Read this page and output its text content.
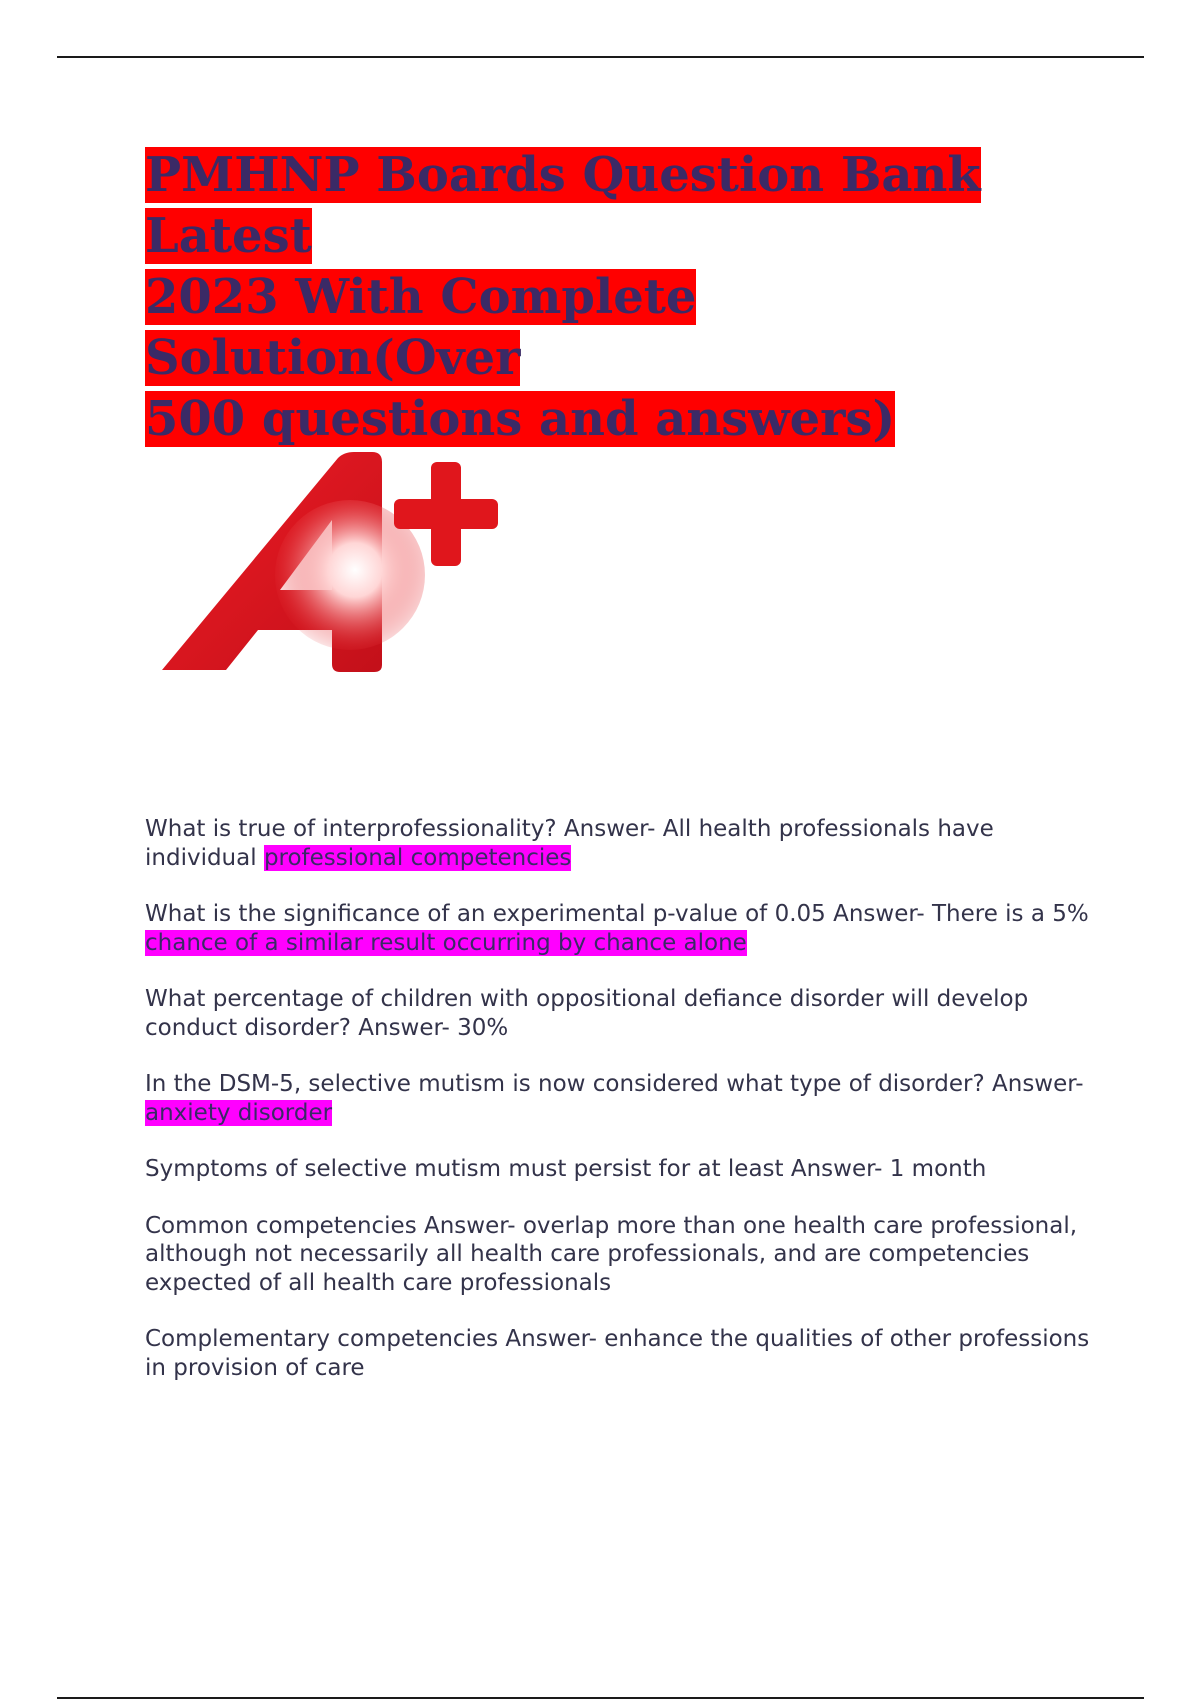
PMHNP Boards Question Bank Latest
2023 With Complete Solution(Over
500 questions and answers)

What is true of interprofessionality? Answer- All health professionals have individual professional competencies

What is the significance of an experimental p-value of 0.05 Answer- There is a 5% chance of a similar result occurring by chance alone

What percentage of children with oppositional defiance disorder will develop conduct disorder? Answer- 30%

In the DSM-5, selective mutism is now considered what type of disorder? Answer- anxiety disorder

Symptoms of selective mutism must persist for at least Answer- 1 month

Common competencies Answer- overlap more than one health care professional, although not necessarily all health care professionals, and are competencies expected of all health care professionals

Complementary competencies Answer- enhance the qualities of other professions in provision of care
